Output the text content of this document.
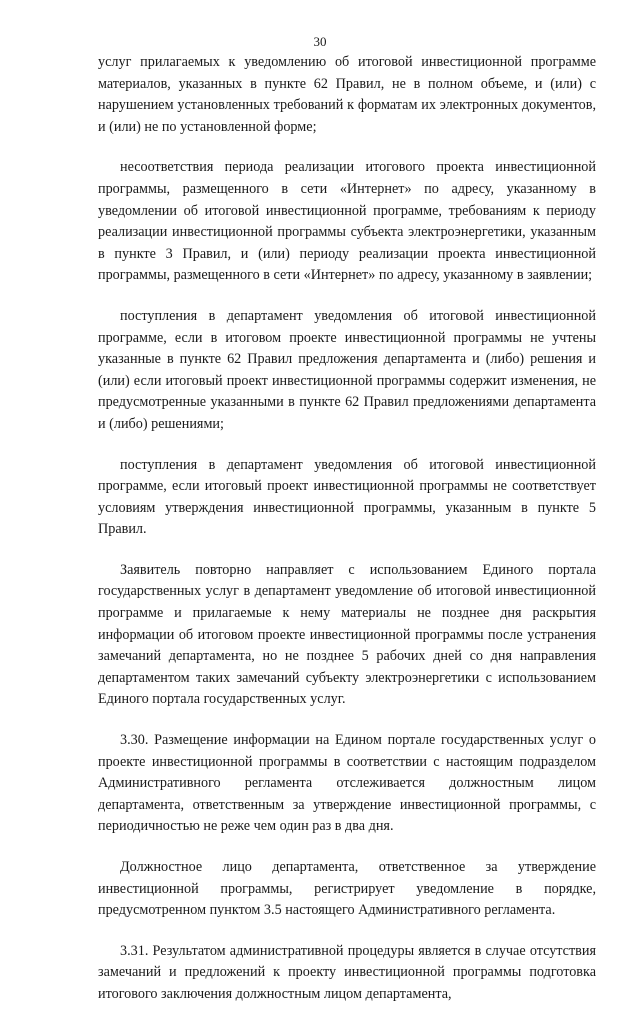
30

услуг прилагаемых к уведомлению об итоговой инвестиционной программе материалов, указанных в пункте 62 Правил, не в полном объеме, и (или) с нарушением установленных требований к форматам их электронных документов, и (или) не по установленной форме;

несоответствия периода реализации итогового проекта инвестиционной программы, размещенного в сети «Интернет» по адресу, указанному в уведомлении об итоговой инвестиционной программе, требованиям к периоду реализации инвестиционной программы субъекта электроэнергетики, указанным в пункте 3 Правил, и (или) периоду реализации проекта инвестиционной программы, размещенного в сети «Интернет» по адресу, указанному в заявлении;

поступления в департамент уведомления об итоговой инвестиционной программе, если в итоговом проекте инвестиционной программы не учтены указанные в пункте 62 Правил предложения департамента и (либо) решения и (или) если итоговый проект инвестиционной программы содержит изменения, не предусмотренные указанными в пункте 62 Правил предложениями департамента и (либо) решениями;

поступления в департамент уведомления об итоговой инвестиционной программе, если итоговый проект инвестиционной программы не соответствует условиям утверждения инвестиционной программы, указанным в пункте 5 Правил.

Заявитель повторно направляет с использованием Единого портала государственных услуг в департамент уведомление об итоговой инвестиционной программе и прилагаемые к нему материалы не позднее дня раскрытия информации об итоговом проекте инвестиционной программы после устранения замечаний департамента, но не позднее 5 рабочих дней со дня направления департаментом таких замечаний субъекту электроэнергетики с использованием Единого портала государственных услуг.

3.30. Размещение информации на Едином портале государственных услуг о проекте инвестиционной программы в соответствии с настоящим подразделом Административного регламента отслеживается должностным лицом департамента, ответственным за утверждение инвестиционной программы, с периодичностью не реже чем один раз в два дня.

Должностное лицо департамента, ответственное за утверждение инвестиционной программы, регистрирует уведомление в порядке, предусмотренном пунктом 3.5 настоящего Административного регламента.

3.31. Результатом административной процедуры является в случае отсутствия замечаний и предложений к проекту инвестиционной программы подготовка итогового заключения должностным лицом департамента,
